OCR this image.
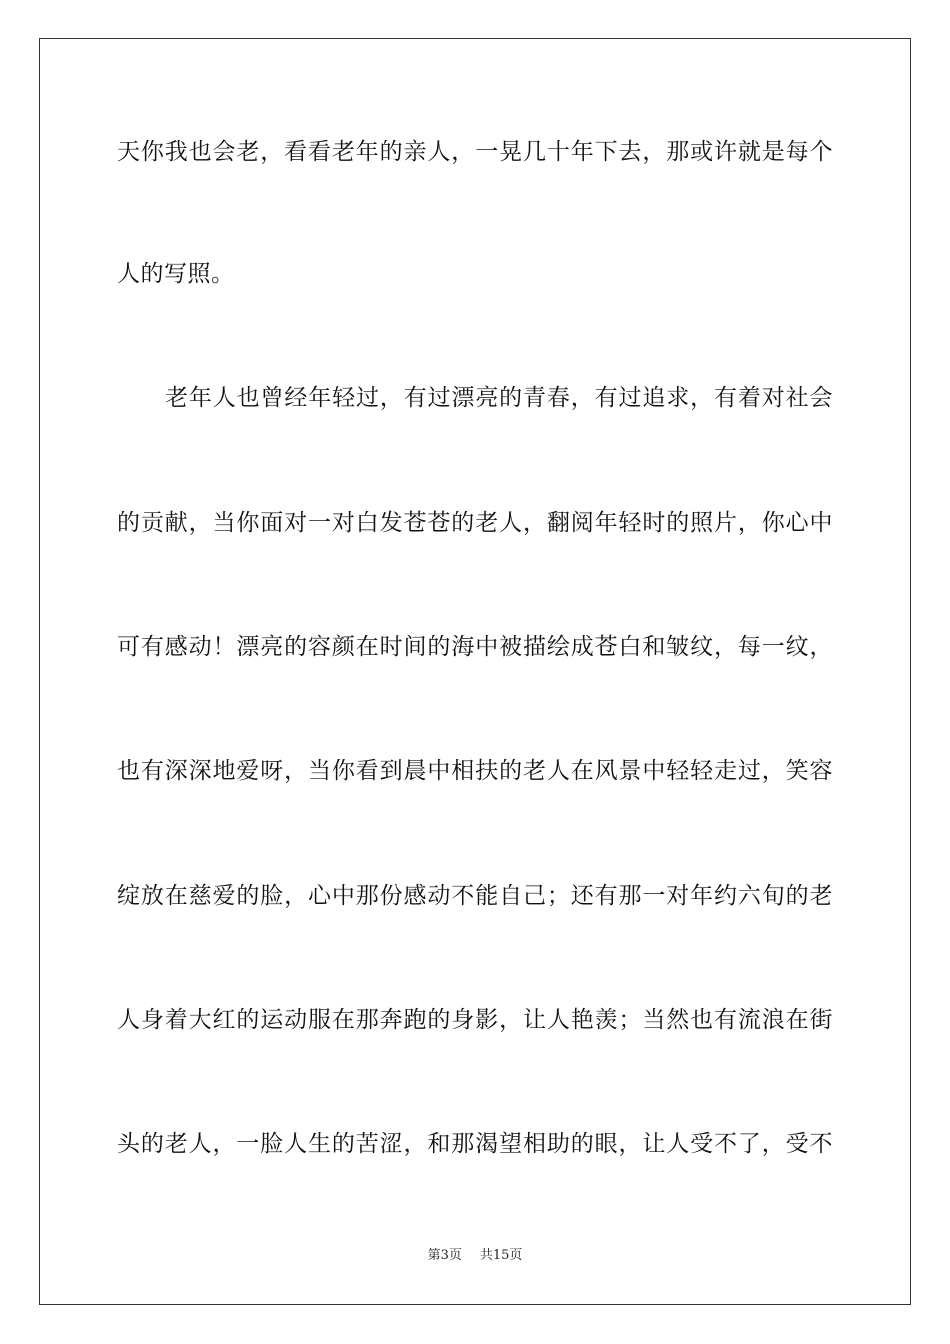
天你我也会老，看看老年的亲人，一晃几十年下去，那或许就是每个
人的写照。
老年人也曾经年轻过，有过漂亮的青春，有过追求，有着对社会
的贡献，当你面对一对白发苍苍的老人，翻阅年轻时的照片，你心中
可有感动！漂亮的容颜在时间的海中被描绘成苍白和皱纹，每一纹，
也有深深地爱呀，当你看到晨中相扶的老人在风景中轻轻走过，笑容
绽放在慈爱的脸，心中那份感动不能自己；还有那一对年约六旬的老
人身着大红的运动服在那奔跑的身影，让人艳羡；当然也有流浪在街
头的老人，一脸人生的苦涩，和那渴望相助的眼，让人受不了，受不
第3页 共15页
